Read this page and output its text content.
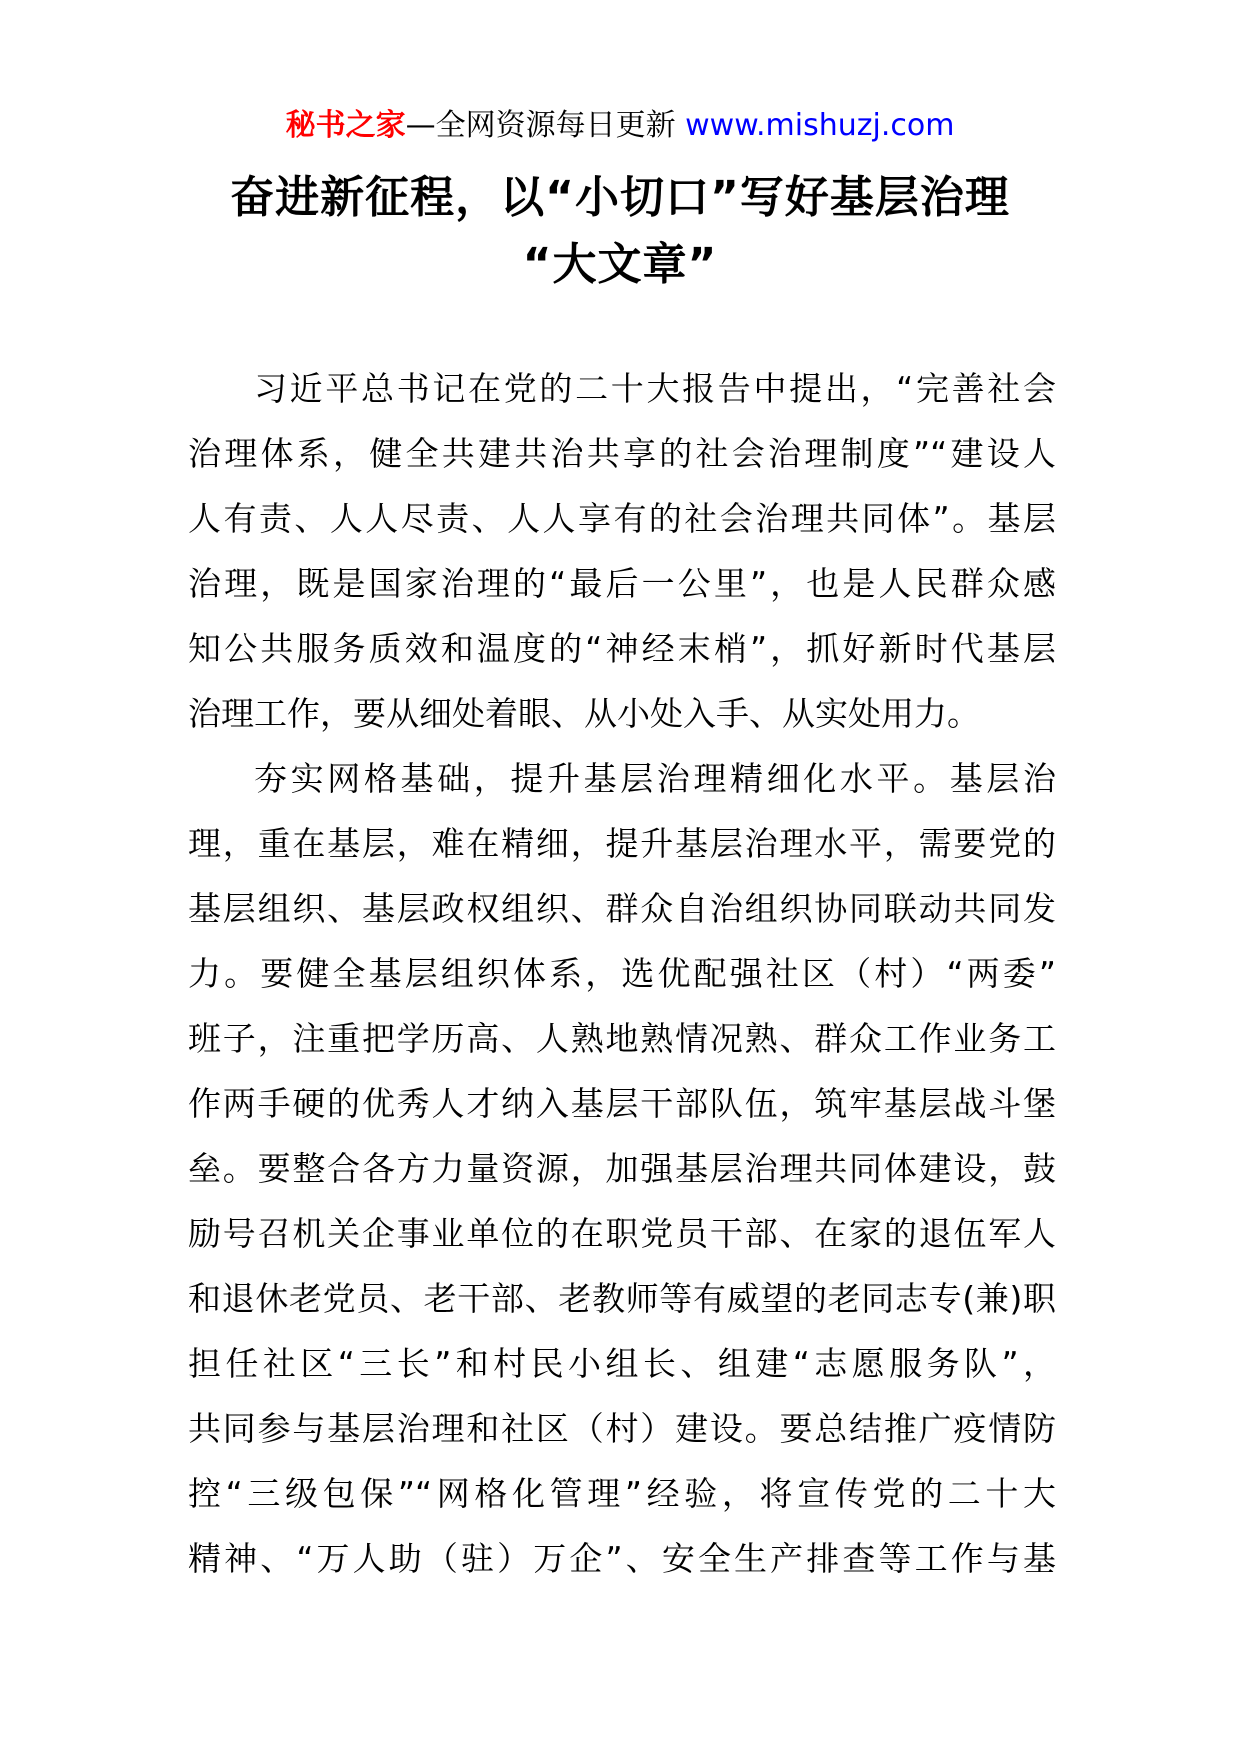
秘书之家—全网资源每日更新 www.mishuzj.com
奋进新征程，以“小切口”写好基层治理
“大文章”
习近平总书记在党的二十大报告中提出，“完善社会
治理体系，健全共建共治共享的社会治理制度”“建设人
人有责、人人尽责、人人享有的社会治理共同体”。基层
治理，既是国家治理的“最后一公里”，也是人民群众感
知公共服务质效和温度的“神经末梢”，抓好新时代基层
治理工作，要从细处着眼、从小处入手、从实处用力。
夯实网格基础，提升基层治理精细化水平。基层治
理，重在基层，难在精细，提升基层治理水平，需要党的
基层组织、基层政权组织、群众自治组织协同联动共同发
力。要健全基层组织体系，选优配强社区（村）“两委”
班子，注重把学历高、人熟地熟情况熟、群众工作业务工
作两手硬的优秀人才纳入基层干部队伍，筑牢基层战斗堡
垒。要整合各方力量资源，加强基层治理共同体建设，鼓
励号召机关企事业单位的在职党员干部、在家的退伍军人
和退休老党员、老干部、老教师等有威望的老同志专(兼)职
担任社区“三长”和村民小组长、组建“志愿服务队”，
共同参与基层治理和社区（村）建设。要总结推广疫情防
控“三级包保”“网格化管理”经验，将宣传党的二十大
精神、“万人助（驻）万企”、安全生产排查等工作与基
